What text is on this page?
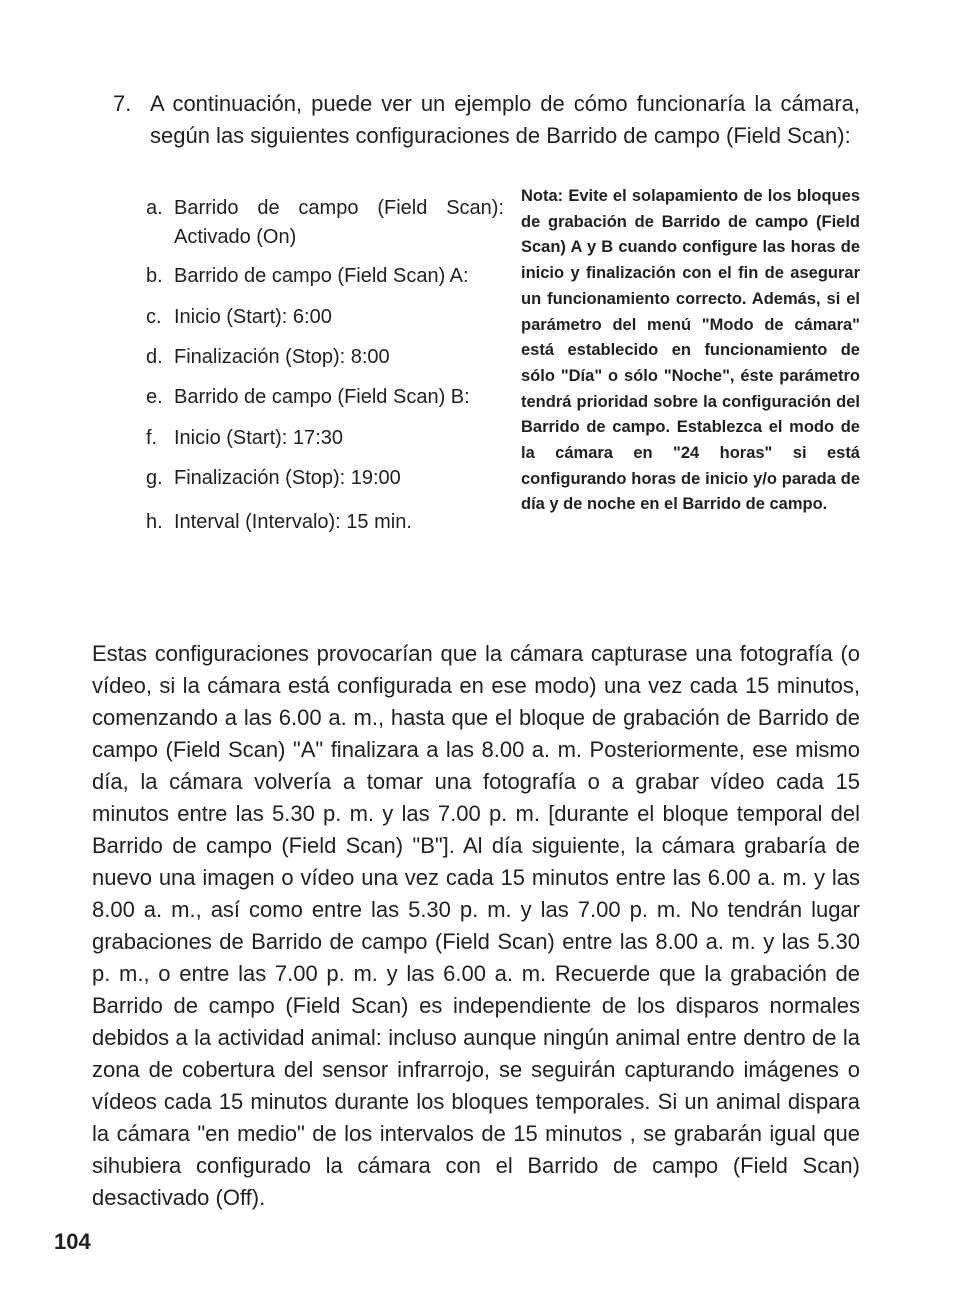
7. A continuación, puede ver un ejemplo de cómo funcionaría la cámara, según las siguientes configuraciones de Barrido de campo (Field Scan):
a. Barrido de campo (Field Scan): Activado (On)
b. Barrido de campo (Field Scan) A:
c. Inicio (Start): 6:00
d. Finalización (Stop): 8:00
e. Barrido de campo (Field Scan) B:
f. Inicio (Start): 17:30
g. Finalización (Stop): 19:00
h. Interval (Intervalo): 15 min.
Nota: Evite el solapamiento de los bloques de grabación de Barrido de campo (Field Scan) A y B cuando configure las horas de inicio y finalización con el fin de asegurar un funcionamiento correcto. Además, si el parámetro del menú "Modo de cámara" está establecido en funcionamiento de sólo "Día" o sólo "Noche", éste parámetro tendrá prioridad sobre la configuración del Barrido de campo. Establezca el modo de la cámara en "24 horas" si está configurando horas de inicio y/o parada de día y de noche en el Barrido de campo.
Estas configuraciones provocarían que la cámara capturase una fotografía (o vídeo, si la cámara está configurada en ese modo) una vez cada 15 minutos, comenzando a las 6.00 a. m., hasta que el bloque de grabación de Barrido de campo (Field Scan) "A" finalizara a las 8.00 a. m. Posteriormente, ese mismo día, la cámara volvería a tomar una fotografía o a grabar vídeo cada 15 minutos entre las 5.30 p. m. y las 7.00 p. m. [durante el bloque temporal del Barrido de campo (Field Scan) "B"]. Al día siguiente, la cámara grabaría de nuevo una imagen o vídeo una vez cada 15 minutos entre las 6.00 a. m. y las 8.00 a. m., así como entre las 5.30 p. m. y las 7.00 p. m. No tendrán lugar grabaciones de Barrido de campo (Field Scan) entre las 8.00 a. m. y las 5.30 p. m., o entre las 7.00 p. m. y las 6.00 a. m. Recuerde que la grabación de Barrido de campo (Field Scan) es independiente de los disparos normales debidos a la actividad animal: incluso aunque ningún animal entre dentro de la zona de cobertura del sensor infrarrojo, se seguirán capturando imágenes o vídeos cada 15 minutos durante los bloques temporales. Si un animal dispara la cámara "en medio" de los intervalos de 15 minutos , se grabarán igual que sihubiera configurado la cámara con el Barrido de campo (Field Scan) desactivado (Off).
104
